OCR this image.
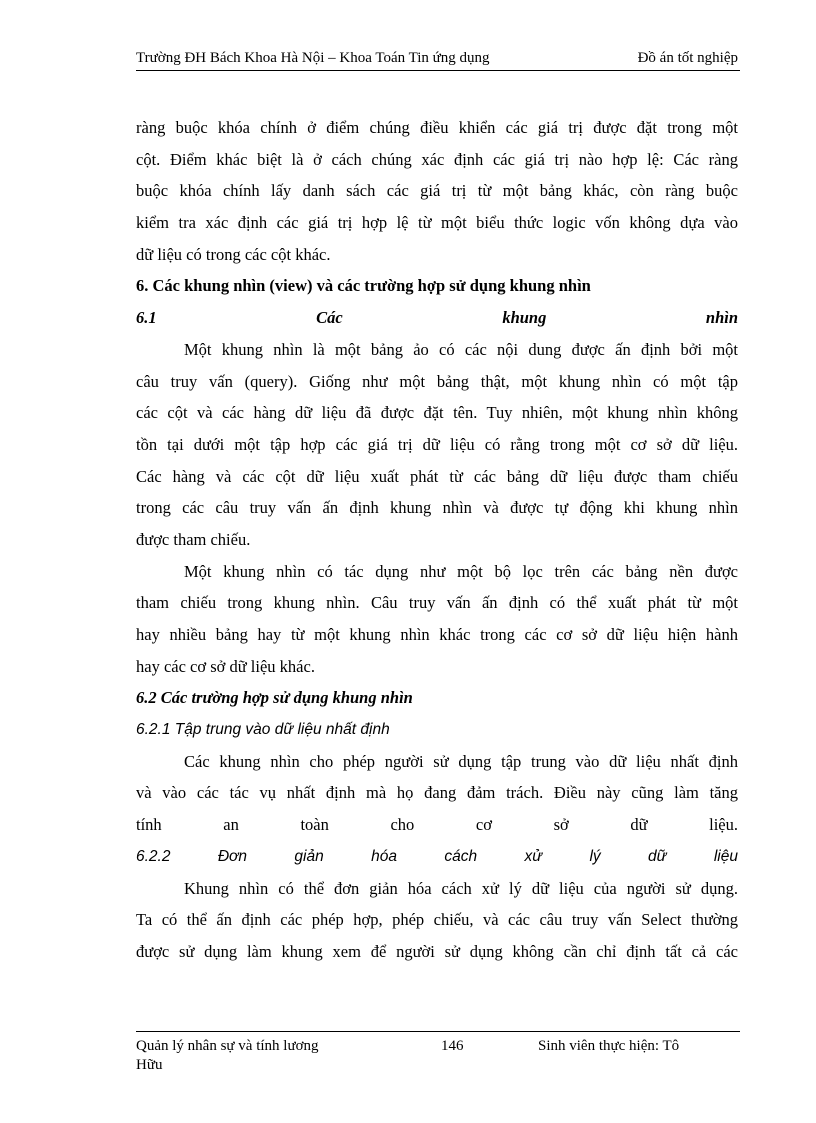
Trường ĐH Bách Khoa Hà Nội – Khoa Toán Tin ứng dụng	Đồ án tốt nghiệp
ràng buộc khóa chính ở điểm chúng điều khiển các giá trị được đặt trong một
cột. Điểm khác biệt là ở cách chúng xác định các giá trị nào hợp lệ: Các ràng
buộc khóa chính lấy danh sách các giá trị từ một bảng khác, còn ràng buộc
kiểm tra xác định các giá trị hợp lệ từ một biểu thức logic vốn không dựa vào
dữ liệu có trong các cột khác.
6. Các khung nhìn (view) và các trường hợp sử dụng khung nhìn
6.1	Các	khung	nhìn
Một khung nhìn là một bảng ảo có các nội dung được ấn định bởi một
câu truy vấn (query). Giống như một bảng thật, một khung nhìn có một tập
các cột và các hàng dữ liệu đã được đặt tên. Tuy nhiên, một khung nhìn không
tồn tại dưới một tập hợp các giá trị dữ liệu có rằng trong một cơ sở dữ liệu.
Các hàng và các cột dữ liệu xuất phát từ các bảng dữ liệu được tham chiếu
trong các câu truy vấn ấn định khung nhìn và được tự động khi khung nhìn
được tham chiếu.
Một khung nhìn có tác dụng như một bộ lọc trên các bảng nền được
tham chiếu trong khung nhìn. Câu truy vấn ấn định có thể xuất phát từ một
hay nhiều bảng hay từ một khung nhìn khác trong các cơ sở dữ liệu hiện hành
hay các cơ sở dữ liệu khác.
6.2 Các trường hợp sử dụng khung nhìn
6.2.1 Tập trung vào dữ liệu nhất định
Các khung nhìn cho phép người sử dụng tập trung vào dữ liệu nhất định
và vào các tác vụ nhất định mà họ đang đảm trách. Điều này cũng làm tăng
tính an toàn cho cơ sở dữ liệu.
6.2.2 Đơn giản hóa cách xử lý dữ liệu
Khung nhìn có thể đơn giản hóa cách xử lý dữ liệu của người sử dụng.
Ta có thể ấn định các phép hợp, phép chiếu, và các câu truy vấn Select thường
được sử dụng làm khung xem để người sử dụng không cần chỉ định tất cả các
Quản lý nhân sự và tính lương	146	Sinh viên thực hiện: Tô
Hữu
